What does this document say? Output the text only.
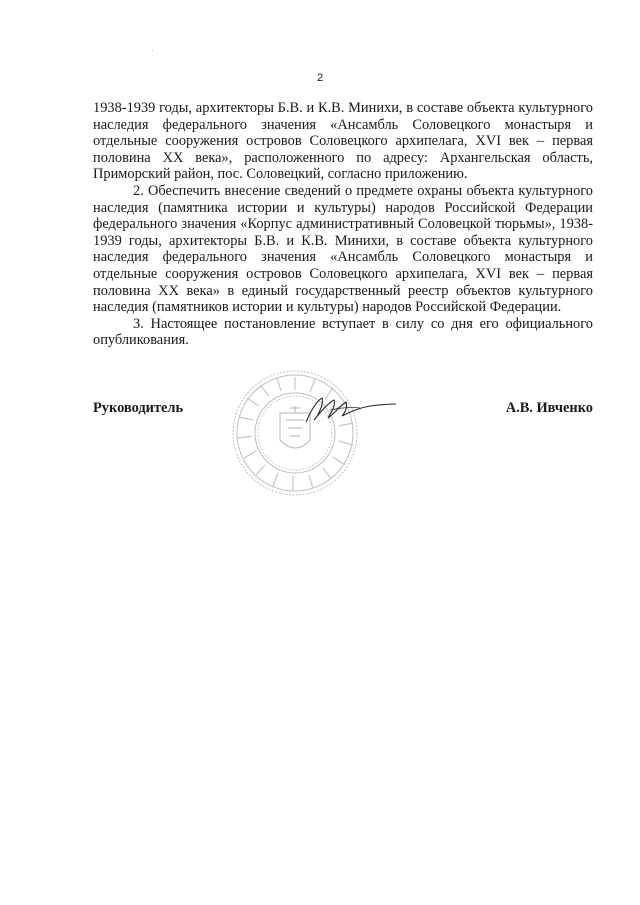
2

1938-1939 годы, архитекторы Б.В. и К.В. Минихи, в составе объекта культурного наследия федерального значения «Ансамбль Соловецкого монастыря и отдельные сооружения островов Соловецкого архипелага, XVI век – первая половина XX века», расположенного по адресу: Архангельская область, Приморский район, пос. Соловецкий, согласно приложению.

2. Обеспечить внесение сведений о предмете охраны объекта культурного наследия (памятника истории и культуры) народов Российской Федерации федерального значения «Корпус административный Соловецкой тюрьмы», 1938-1939 годы, архитекторы Б.В. и К.В. Минихи, в составе объекта культурного наследия федерального значения «Ансамбль Соловецкого монастыря и отдельные сооружения островов Соловецкого архипелага, XVI век – первая половина XX века» в единый государственный реестр объектов культурного наследия (памятников истории и культуры) народов Российской Федерации.

3. Настоящее постановление вступает в силу со дня его официального опубликования.

Руководитель	А.В. Ивченко
